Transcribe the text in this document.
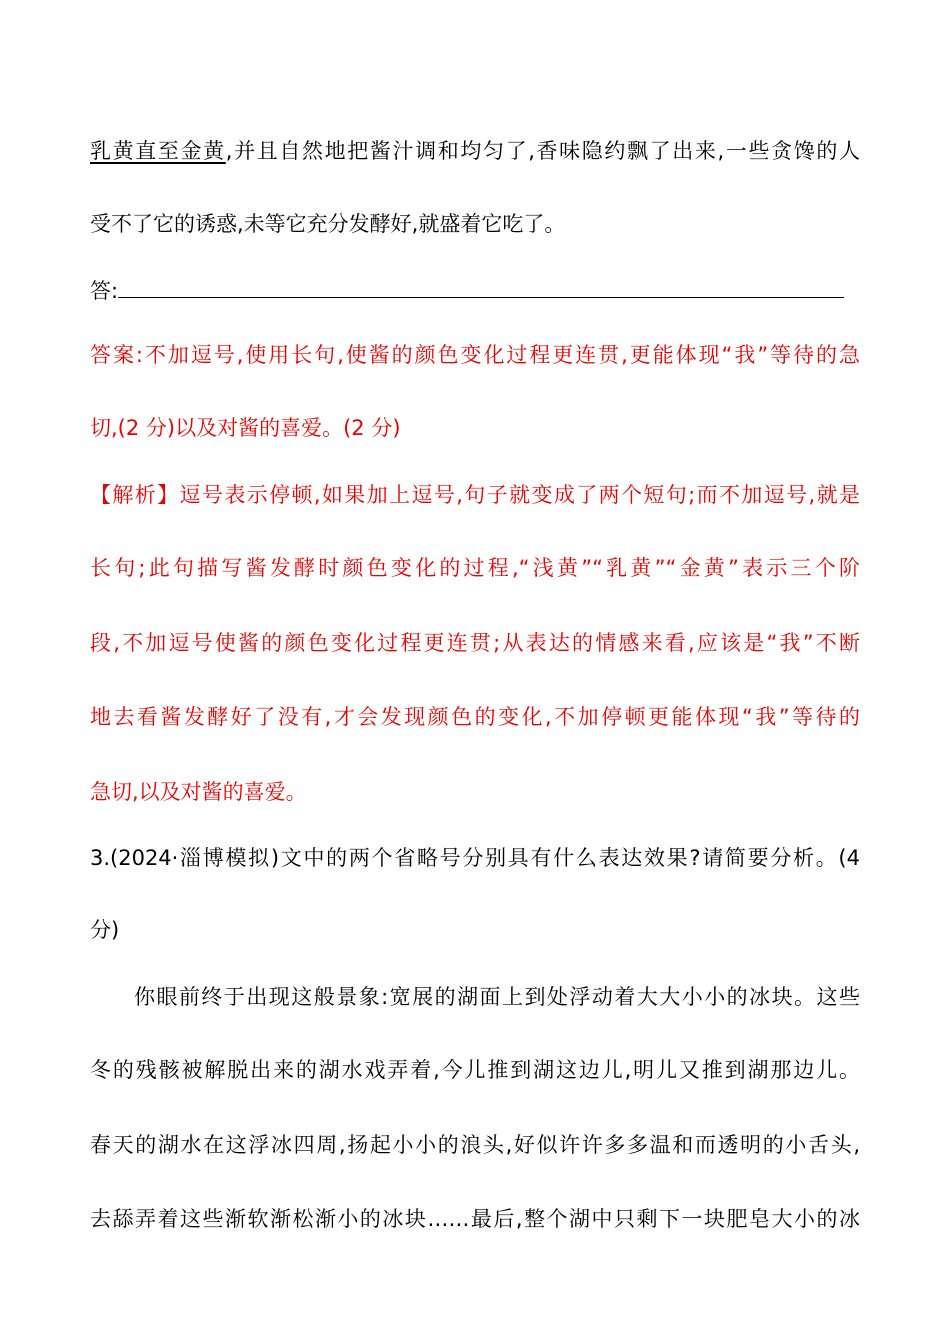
乳黄直至金黄,并且自然地把酱汁调和均匀了,香味隐约飘了出来,一些贪馋的人
受不了它的诱惑,未等它充分发酵好,就盛着它吃了。
答:
答案:不加逗号,使用长句,使酱的颜色变化过程更连贯,更能体现“我”等待的急
切,(2 分)以及对酱的喜爱。(2 分)
【解析】逗号表示停顿,如果加上逗号,句子就变成了两个短句;而不加逗号,就是
长句;此句描写酱发酵时颜色变化的过程,“浅黄”“乳黄”“金黄”表示三个阶
段,不加逗号使酱的颜色变化过程更连贯;从表达的情感来看,应该是“我”不断
地去看酱发酵好了没有,才会发现颜色的变化,不加停顿更能体现“我”等待的
急切,以及对酱的喜爱。
3.(2024·淄博模拟)文中的两个省略号分别具有什么表达效果?请简要分析。(4
分)
你眼前终于出现这般景象:宽展的湖面上到处浮动着大大小小的冰块。这些
冬的残骸被解脱出来的湖水戏弄着,今儿推到湖这边儿,明儿又推到湖那边儿。
春天的湖水在这浮冰四周,扬起小小的浪头,好似许许多多温和而透明的小舌头,
去舔弄着这些渐软渐松渐小的冰块……最后,整个湖中只剩下一块肥皂大小的冰
